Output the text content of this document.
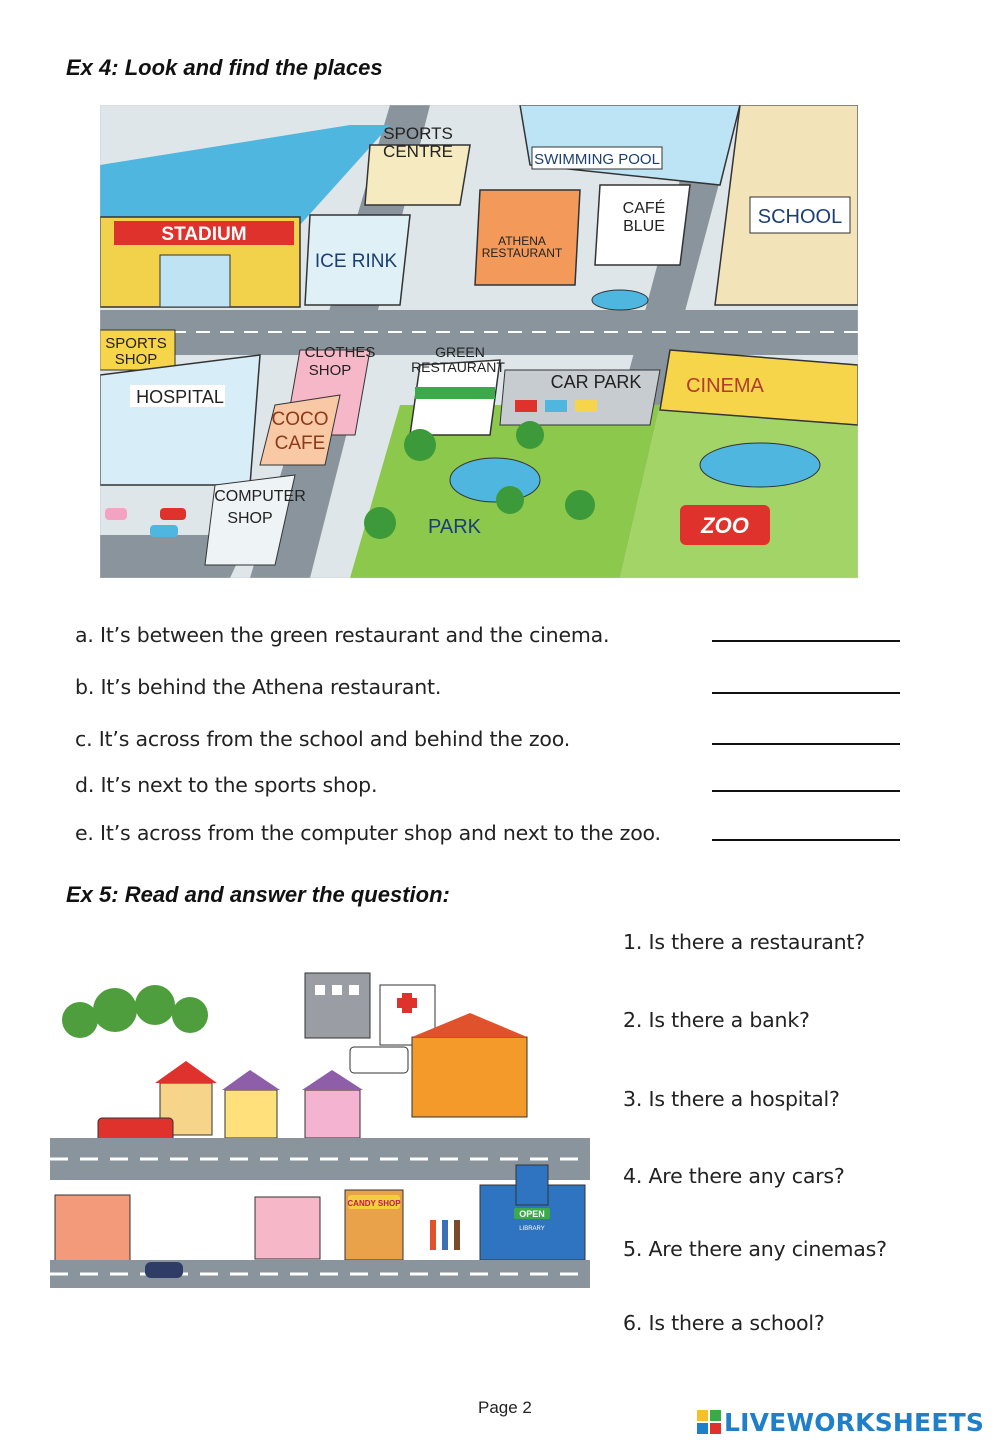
Ex 4: Look and find the places
STADIUM
SPORTS
CENTRE
ICE RINK
SWIMMING POOL
ATHENA
RESTAURANT
CAFÉ
BLUE	SCHOOL
SPORTS
SHOP
HOSPITAL
CLOTHES
SHOP
COCO
CAFE
COMPUTER
SHOP
GREEN
RESTAURANT
CAR PARK CINEMA
PARK	ZOO
a. It’s between the green restaurant and the cinema.
b. It’s behind the Athena restaurant.
c. It’s across from the school and behind the zoo.
d. It’s next to the sports shop.
e. It’s across from the computer shop and next to the zoo.
Ex 5: Read and answer the question:
CANDY SHOP
OPEN
LIBRARY
1. Is there a restaurant?
2. Is there a bank?
3. Is there a hospital?
4. Are there any cars?
5. Are there any cinemas?
6. Is there a school?
Page 2	LIVEWORKSHEETS
